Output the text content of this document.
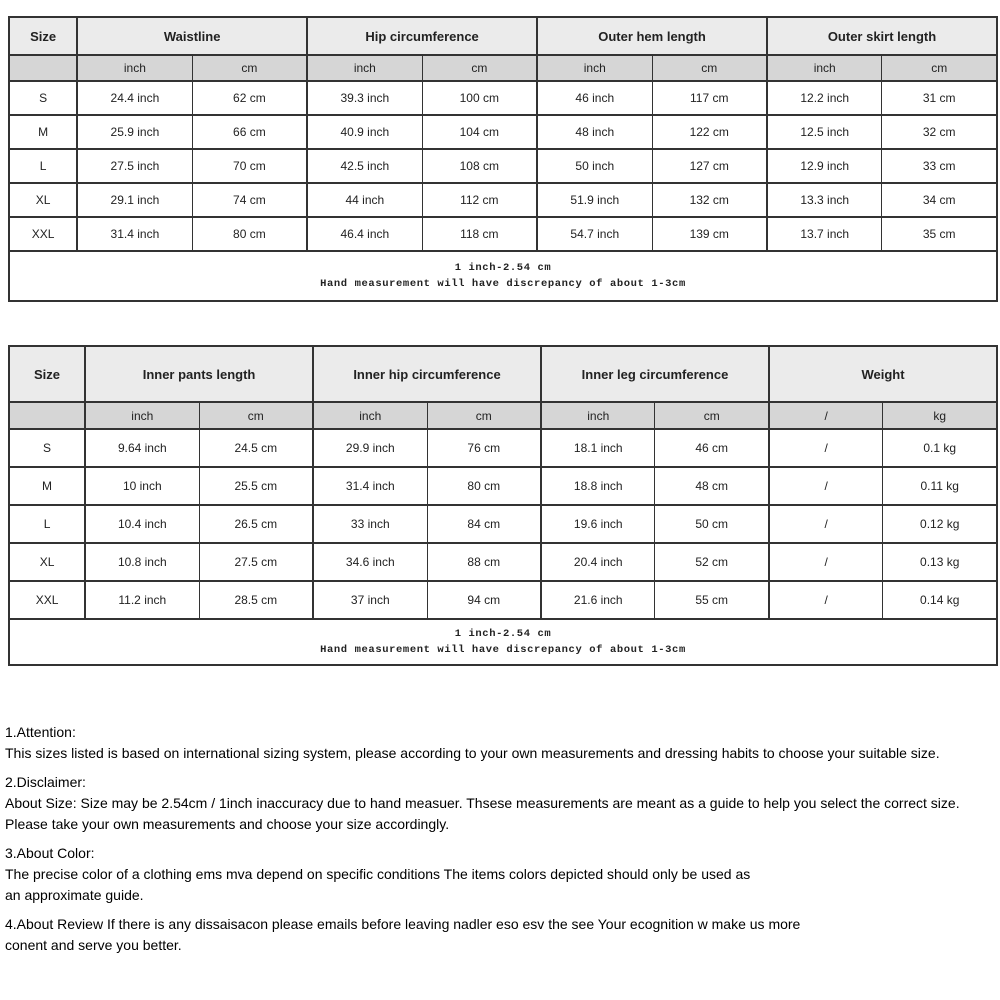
Size	Waistline		Hip circumference		Outer hem length		Outer skirt length	
	inch	cm	inch	cm	inch	cm	inch	cm
S	24.4 inch	62 cm	39.3 inch	100 cm	46 inch	117 cm	12.2 inch	31 cm
M	25.9 inch	66 cm	40.9 inch	104 cm	48 inch	122 cm	12.5 inch	32 cm
L	27.5 inch	70 cm	42.5 inch	108 cm	50 inch	127 cm	12.9 inch	33 cm
XL	29.1 inch	74 cm	44 inch	112 cm	51.9 inch	132 cm	13.3 inch	34 cm
XXL	31.4 inch	80 cm	46.4 inch	118 cm	54.7 inch	139 cm	13.7 inch	35 cm

1 inch-2.54 cm
Hand measurement will have discrepancy of about 1-3cm								
Size	Inner pants length		Inner hip circumference		Inner leg circumference		Weight	
	inch	cm	inch	cm	inch	cm	/	kg
S	9.64 inch	24.5 cm	29.9 inch	76 cm	18.1 inch	46 cm	/	0.1 kg
M	10 inch	25.5 cm	31.4 inch	80 cm	18.8 inch	48 cm	/	0.11 kg
L	10.4 inch	26.5 cm	33 inch	84 cm	19.6 inch	50 cm	/	0.12 kg
XL	10.8 inch	27.5 cm	34.6 inch	88 cm	20.4 inch	52 cm	/	0.13 kg
XXL	11.2 inch	28.5 cm	37 inch	94 cm	21.6 inch	55 cm	/	0.14 kg

1 inch-2.54 cm
Hand measurement will have discrepancy of about 1-3cm								
1.Attention:
This sizes listed is based on international sizing system, please according to your own measurements and dressing habits to choose your suitable size.
2.Disclaimer:
About Size: Size may be 2.54cm / 1inch inaccuracy due to hand measuer. Thsese measurements are meant as a guide to help you select the correct size.
Please take your own measurements and choose your size accordingly.
3.About Color:
The precise color of a clothing ems mva depend on specific conditions The items colors depicted should only be used as
an approximate guide.
4.About Review If there is any dissaisacon please emails before leaving nadler eso esv the see Your ecognition w make us more
conent and serve you better.
